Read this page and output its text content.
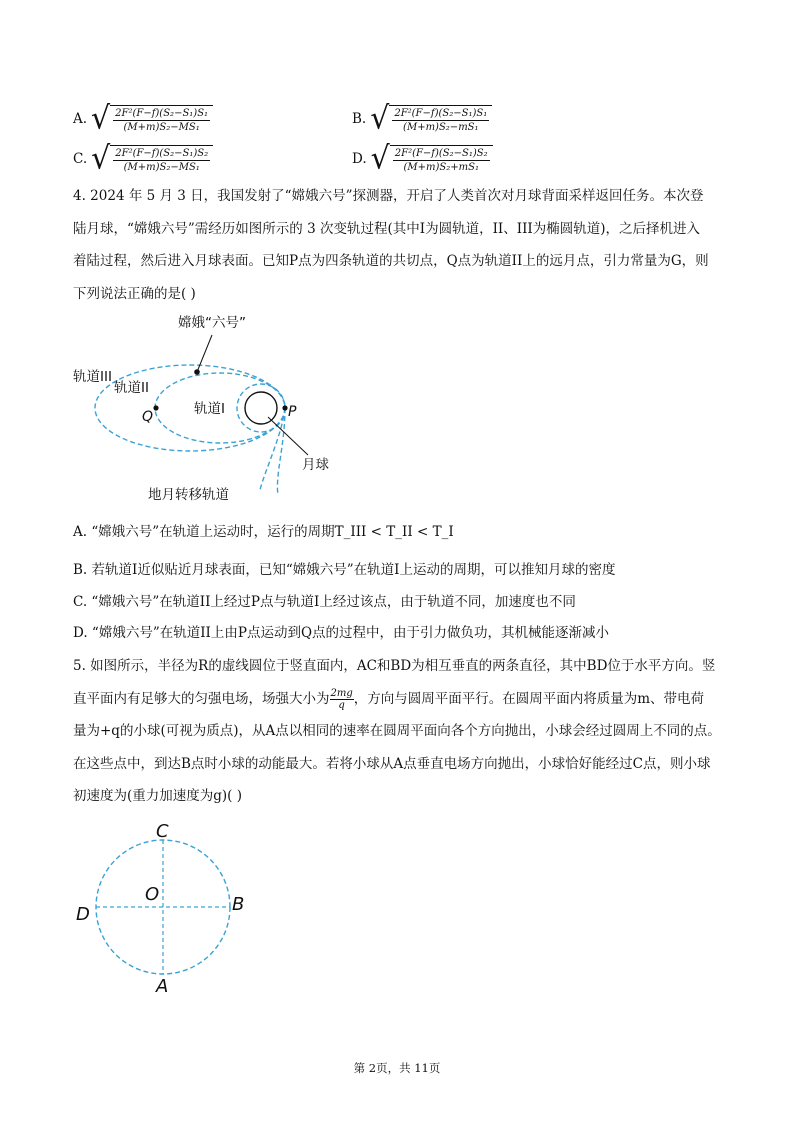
A. √ $\frac{\text{2F²(F−f)(S₂−S₁)S₁}}{\text{(M+m)S₂−MS₁}}$	B. √ $\frac{\text{2F²(F−f)(S₂−S₁)S₁}}{\text{(M+m)S₂−mS₁}}$
C. √ $\frac{\text{2F²(F−f)(S₂−S₁)S₂}}{\text{(M+m)S₂−MS₁}}$	D. √ $\frac{\text{2F²(F−f)(S₂−S₁)S₂}}{\text{(M+m)S₂+mS₁}}$
4. 2024 年 5 月 3 日，我国发射了“嫦娥六号”探测器，开启了人类首次对月球背面采样返回任务。本次登
陆月球，“嫦娥六号”需经历如图所示的 3 次变轨过程(其中I为圆轨道，II、III为椭圆轨道)，之后择机进入
着陆过程，然后进入月球表面。已知P点为四条轨道的共切点，Q点为轨道II上的远月点，引力常量为G，则
下列说法正确的是( )
嫦娥“六号”
轨道III
轨道II
轨道I
Q	P
月球
地月转移轨道
A. “嫦娥六号”在轨道上运动时，运行的周期T_III < T_II < T_I
B. 若轨道I近似贴近月球表面，已知“嫦娥六号”在轨道I上运动的周期，可以推知月球的密度
C. “嫦娥六号”在轨道II上经过P点与轨道I上经过该点，由于轨道不同，加速度也不同
D. “嫦娥六号”在轨道II上由P点运动到Q点的过程中，由于引力做负功，其机械能逐渐减小
5. 如图所示，半径为R的虚线圆位于竖直面内，AC和BD为相互垂直的两条直径，其中BD位于水平方向。竖
直平面内有足够大的匀强电场，场强大小为 $\frac{2mg}{q}$ ，方向与圆周平面平行。在圆周平面内将质量为m、带电荷
量为+q的小球(可视为质点)，从A点以相同的速率在圆周平面向各个方向抛出，小球会经过圆周上不同的点。
在这些点中，到达B点时小球的动能最大。若将小球从A点垂直电场方向抛出，小球恰好能经过C点，则小球
初速度为(重力加速度为g)( )
C
O
D	B
A
第 2页，共 11页
